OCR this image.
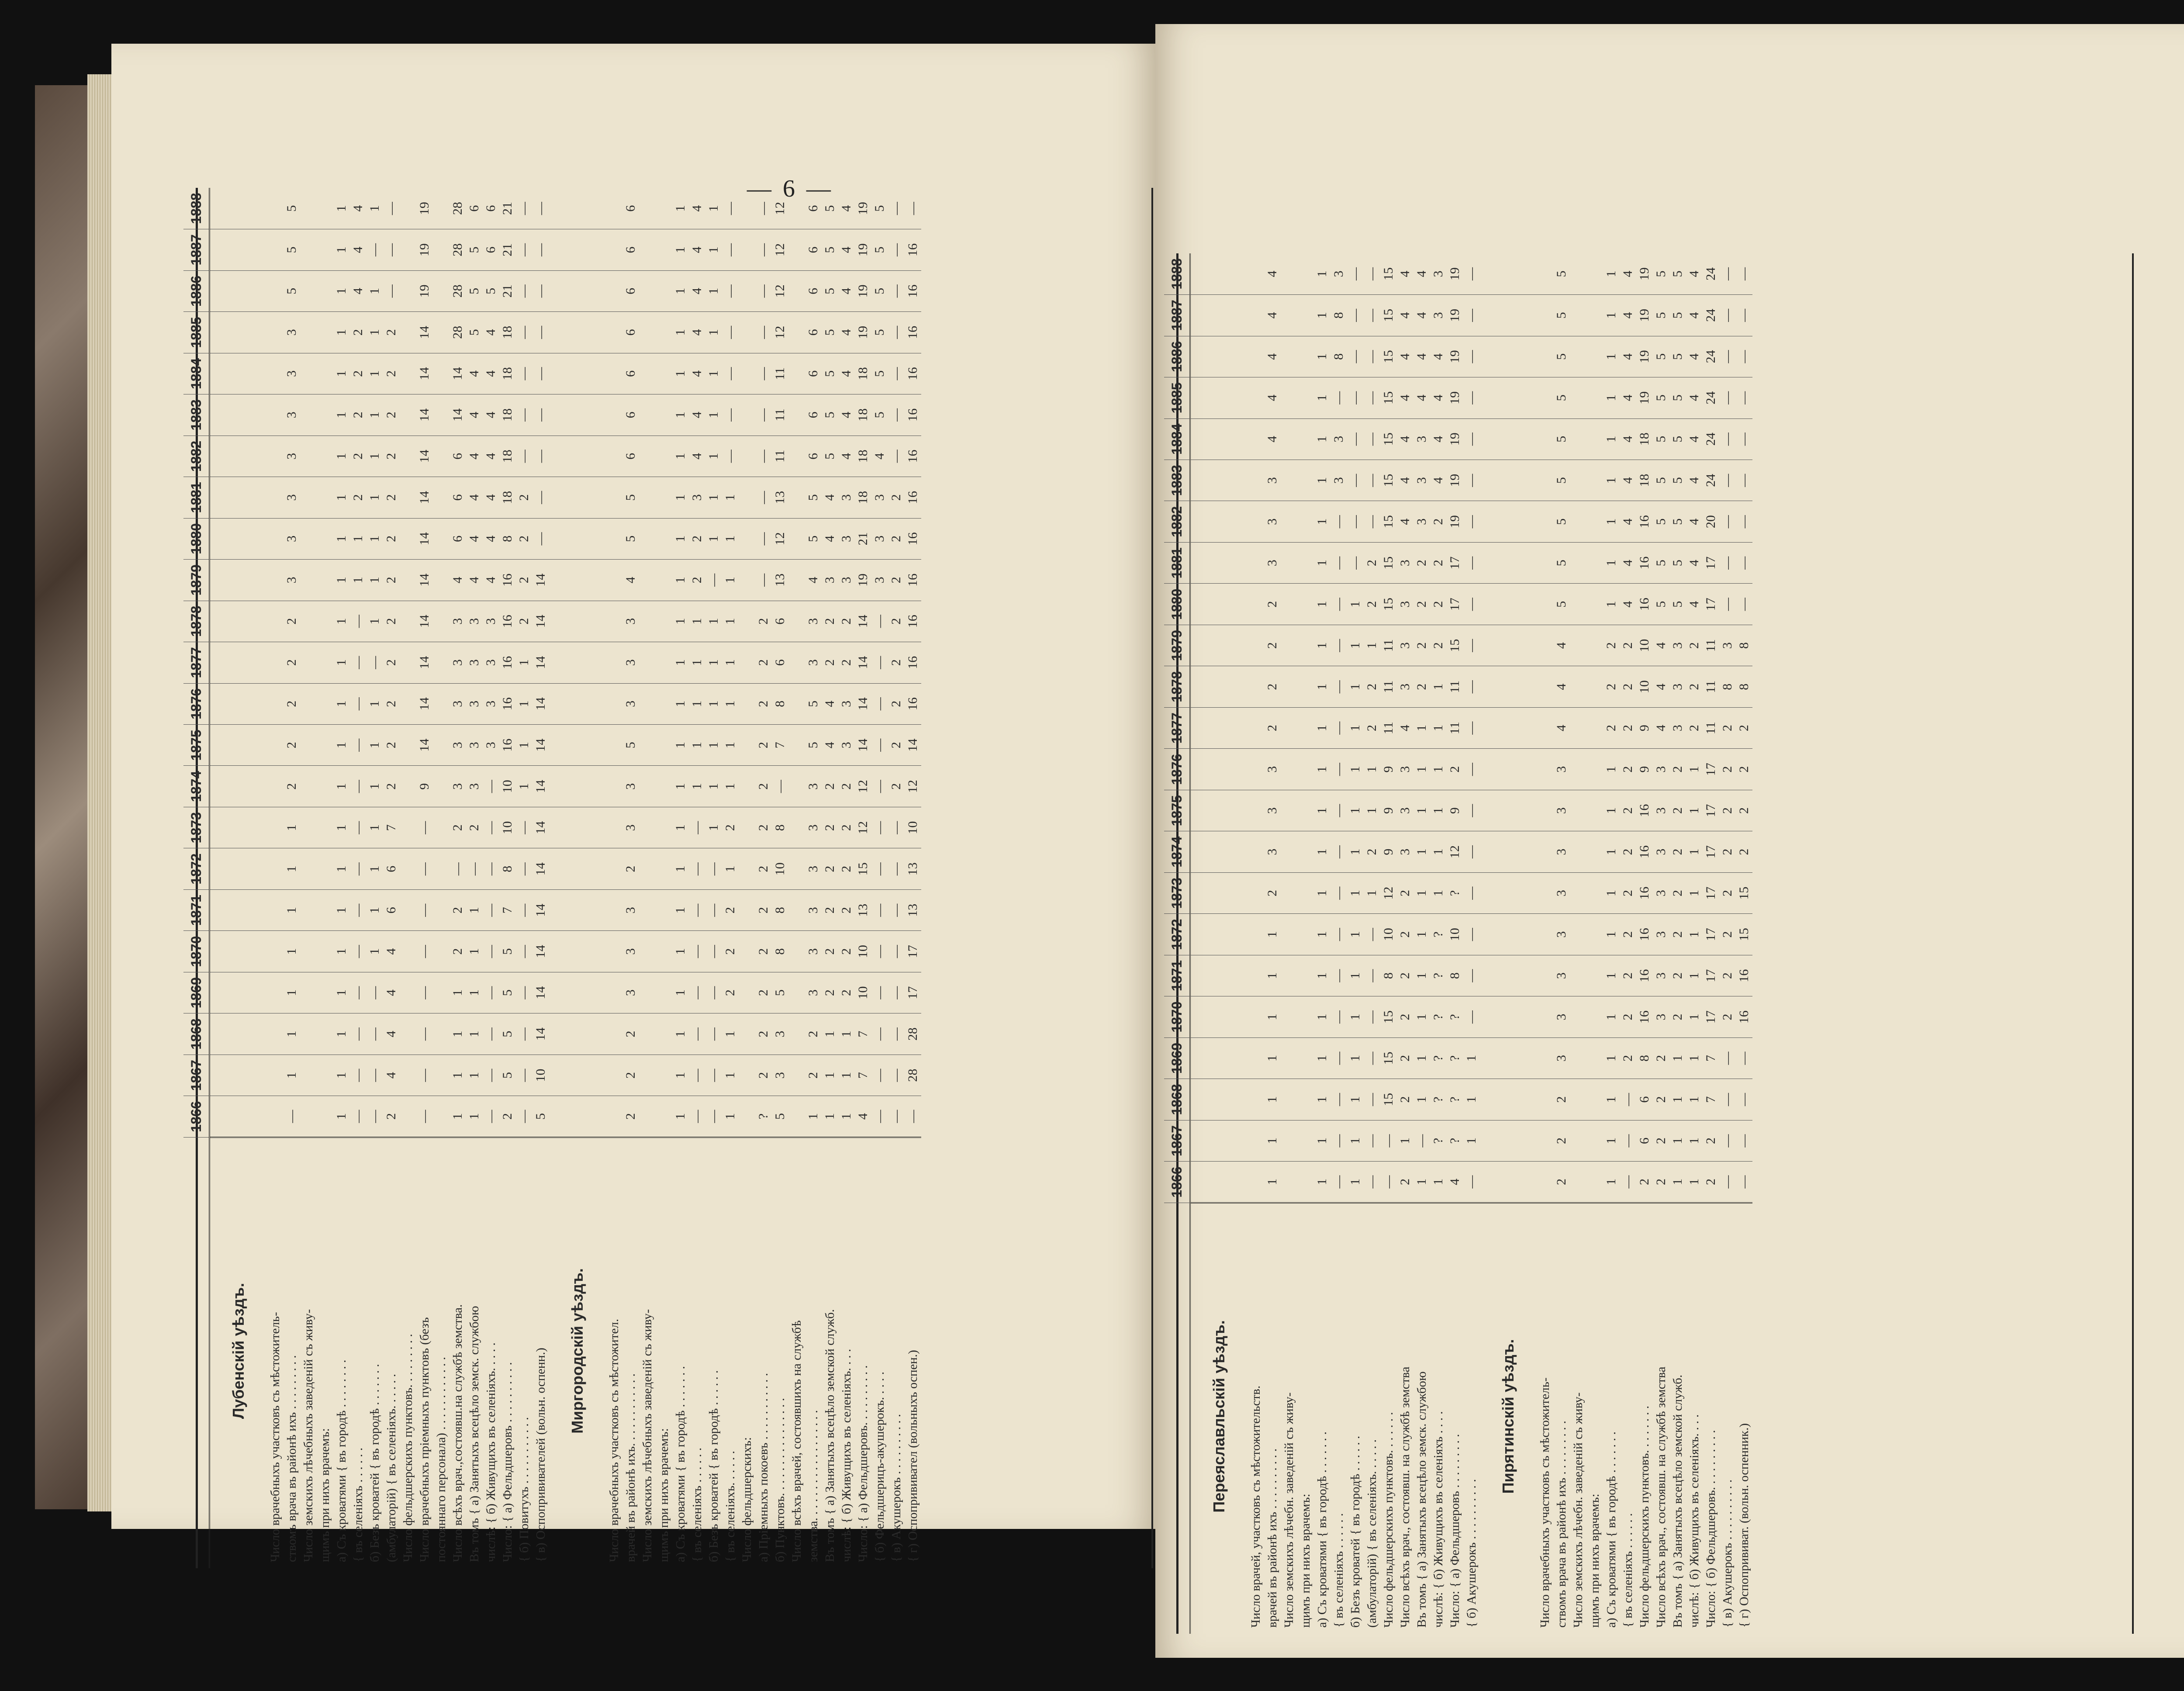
— 6 —
	1866	1867	1868	1869	1870	1871	1872	1873	1874	1875	1876	1877	1878	1879	1880	1881	1882	1883	1884	1885	1886	1887	1888
Лубенскій уѣздъ.																							
Число врачебныхъ участковъ съ мѣстожитель-																							
ствомъ врача въ районѣ ихъ . . . . . . . . .	—	1	1	1	1	1	1	1	2	2	2	2	2	3	3	3	3	3	3	3	5	5	5
Число земскихъ лѣчебныхъ заведеній съ живу-																							
щимъ при нихъ врачемъ:																							
а) Съ кроватями { въ городѣ . . . . . . . .	1	1	1	1	1	1	1	1	1	1	1	1	1	1	1	1	1	1	1	1	1	1	1
{ въ селеніяхъ . . . . . .	—	—	—	—	—	—	—	—	—	—	—	—	—	1	1	2	2	2	2	2	4	4	4
б) Безъ кроватей { въ городѣ . . . . . . .	—	—	—	—	1	1	1	1	1	1	1	—	1	1	1	1	1	1	1	1	1	—	1
(амбулаторій) { въ селеніяхъ. . . . . .	2	4	4	4	4	6	6	7	2	2	2	2	2	2	2	2	2	2	2	2	—	—	—
Число фельдшерскихъ пунктовъ. . . . . . . . .																							
Число врачебныхъ пріемныхъ пунктовъ (безъ	—	—	—	—	—	—	—	—	9	14	14	14	14	14	14	14	14	14	14	14	19	19	19
постояннаго персонала) . . . . . . . . . . . .																							
Число всѣхъ врач.,состоявш.на службѣ земства.	1	1	1	1	2	2	—	2	3	3	3	3	3	4	6	6	6	14	14	28	28	28	28
Въ томъ { а) Занятыхъ всецѣло земск. службою	1	1	1	1	1	1	—	2	3	3	3	3	3	4	4	4	4	4	4	5	5	5	6
числѣ: { б) Живущихъ въ селеніяхъ. . . . .	—	—	—	—	—	—	—	—	—	3	3	3	3	4	4	4	4	4	4	4	5	6	6
Число: { а) Фельдшеровъ . . . . . . . . . .	2	5	5	5	5	7	8	10	10	16	16	16	16	16	8	18	18	18	18	18	21	21	21
{ б) Повитухъ . . . . . . . . . . .	—	—	—	—	—	—	—	—	1	1	1	1	2	2	2	2	—	—	—	—	—	—	—
{ в) Оспопрививателей (вольн. оспенн.)	5	10	14	14	14	14	14	14	14	14	14	14	14	14	—	—	—	—	—	—	—	—	—
Миргородскій уѣздъ.																							
Число врачебныхъ участковъ съ мѣстожител.																							
врачей въ районѣ ихъ. . . . . . . . . . . .	2	2	2	3	3	3	2	3	3	5	3	3	3	4	5	5	6	6	6	6	6	6	6
Число земскихъ лѣчебныхъ заведеній съ живу-																							
щимъ при нихъ врачемъ:																							
а) Съ кроватями { въ городѣ . . . . . . .	1	1	1	1	1	1	1	1	1	1	1	1	1	1	1	1	1	1	1	1	1	1	1
{ въ селеніяхъ . . . . . .	—	—	—	—	—	—	—	—	1	1	1	1	1	2	2	3	4	4	4	4	4	4	4
б) Безъ кроватей { въ городѣ . . . . . .	—	—	—	—	—	—	—	1	1	1	1	1	1	—	1	1	1	1	1	1	1	1	1
{ въ селеніяхъ. . . . . .	1	1	1	2	2	2	1	2	1	1	1	1	1	1	1	1	—	—	—	—	—	—	—
Число фельдшерскихъ:																							
а) Пріемныхъ покоевъ . . . . . . . . . . .	?	2	2	2	2	2	2	2	2	2	2	2	2	—	—	—	—	—	—	—	—	—	—
б) Пунктовъ. . . . . . . . . . . . . . . .	5	3	3	5	8	8	10	8	—	7	8	6	6	13	12	13	11	11	11	12	12	12	12
Число всѣхъ врачей, состоявшихъ на службѣ																							
земства. . . . . . . . . . . . . . . . . .	1	2	2	3	3	3	3	3	3	5	5	3	3	4	5	5	6	6	6	6	6	6	6
Въ томъ { а) Занятыхъ всецѣло земской служб.	1	1	1	2	2	2	2	2	2	4	4	2	2	3	4	4	5	5	5	5	5	5	5
числѣ: { б) Живущихъ въ селеніяхъ. . . .	1	1	1	2	2	2	2	2	2	3	3	2	2	3	3	3	4	4	4	4	4	4	4
Число: { а) Фельдшеровъ. . . . . . . . . .	4	7	7	10	10	13	15	12	12	14	14	14	14	19	21	18	18	18	18	19	19	19	19
{ б) Фельдшерицъ-акушерокъ. . . . .	—	—	—	—	—	—	—	—	—	—	—	—	—	3	3	3	4	5	5	5	5	5	5
{ в) Акушерокъ . . . . . . . . . .	—	—	—	—	—	—	—	—	2	2	2	2	2	2	2	2	—	—	—	—	—	—	—
{ г) Оспопрививател (вольныхъ оспен.)	—	28	28	17	17	13	13	10	12	14	16	16	16	16	16	16	16	16	16	16	16	16	—
	1866	1867	1868	1869	1870	1871	1872	1873	1874	1875	1876	1877	1878	1879	1880	1881	1882	1883	1884	1885	1886	1887	1888
Переяславльскій уѣздъ.																							
Число врачей, участковъ съ мѣстожительств.																							
врачей въ районѣ ихъ . . . . . . . . . .	1	1	1	1	1	1	1	2	3	3	3	2	2	2	2	3	3	3	4	4	4	4	4
Число земскихъ лѣчебн. заведеній съ живу-																							
щимъ при нихъ врачемъ:																							
а) Съ кроватями { въ городѣ . . . . . . .	1	1	1	1	1	1	1	1	1	1	1	1	1	1	1	1	1	1	1	1	1	1	1
{ въ селеніяхъ . . . . . .	—	—	—	—	—	—	—	—	—	—	—	—	—	—	—	—	—	3	3	—	8	8	3
б) Безъ кроватей { въ городѣ . . . . . .	1	1	1	1	1	1	1	1	1	1	1	1	1	1	1	—	—	—	—	—	—	—	—
(амбулаторій) { въ селеніяхъ. . . . . .	—	—	—	—	—	—	—	1	2	1	1	2	2	1	2	2	—	—	—	—	—	—	—
Число фельдшерскихъ пунктовъ. . . . . . .	—	—	15	15	15	8	10	12	9	9	9	11	11	11	15	15	15	15	15	15	15	15	15
Число всѣхъ врач., состоявш. на службѣ земства	2	1	2	2	2	2	2	2	3	3	3	4	3	3	3	3	4	4	4	4	4	4	4
Въ томъ { а) Занятыхъ всецѣло земск. службою	1	—	1	1	1	1	1	1	1	1	1	1	2	2	2	2	3	3	3	4	4	4	4
числѣ: { б) Живущихъ въ селеніяхъ . . . .	1	?	?	?	?	?	?	1	1	1	1	1	1	2	2	2	2	4	4	4	4	3	3
Число: { а) Фельдшеровъ . . . . . . . . .	4	?	?	?	?	8	10	?	12	9	2	11	11	15	17	17	19	19	19	19	19	19	19
{ б) Акушерокъ . . . . . . . . . .	—	1	1	1	—	—	—	—	—	—	—	—	—	—	—	—	—	—	—	—	—	—	—
Пирятинскій уѣздъ.																							
Число врачебныхъ участковъ съ мѣстожитель-																							
ствомъ врача въ районѣ ихъ . . . . . . . . .	2	2	2	3	3	3	3	3	3	3	3	4	4	4	5	5	5	5	5	5	5	5	5
Число земскихъ лѣчебн. заведеній съ живу-																							
щимъ при нихъ врачемъ:																							
а) Съ кроватями { въ городѣ . . . . . . .	1	1	1	1	1	1	1	1	1	1	1	2	2	2	1	1	1	1	1	1	1	1	1
{ въ селеніяхъ . . . . . .	—	—	—	2	2	2	2	2	2	2	2	2	2	2	4	4	4	4	4	4	4	4	4
Число фельдшерскихъ пунктовъ. . . . . . . .	2	6	6	8	16	16	16	16	16	16	9	9	10	10	16	16	16	18	18	19	19	19	19
Число всѣхъ врач., состоявш. на службѣ земства	2	2	2	2	3	3	3	3	3	3	3	4	4	4	5	5	5	5	5	5	5	5	5
Въ томъ { а) Занятыхъ всецѣло земской служб.	1	1	1	1	2	2	2	2	2	2	2	3	3	3	5	5	5	5	5	5	5	5	5
числѣ: { б) Живущихъ въ селеніяхъ. . . .	1	1	1	1	1	1	1	1	1	1	1	2	2	2	4	4	4	4	4	4	4	4	4
Число: { б) Фельдшеровъ. . . . . . . . . .	2	2	7	7	17	17	17	17	17	17	17	11	11	11	17	17	20	24	24	24	24	24	24
{ в) Акушерокъ . . . . . . . . . .	—	—	—	—	2	2	2	2	2	2	2	2	8	3	—	—	—	—	—	—	—	—	—
{ г) Оспопрививат. (вольн. оспенник.)	—	—	—	—	16	16	15	15	2	2	2	2	8	8	—	—	—	—	—	—	—	—	—
